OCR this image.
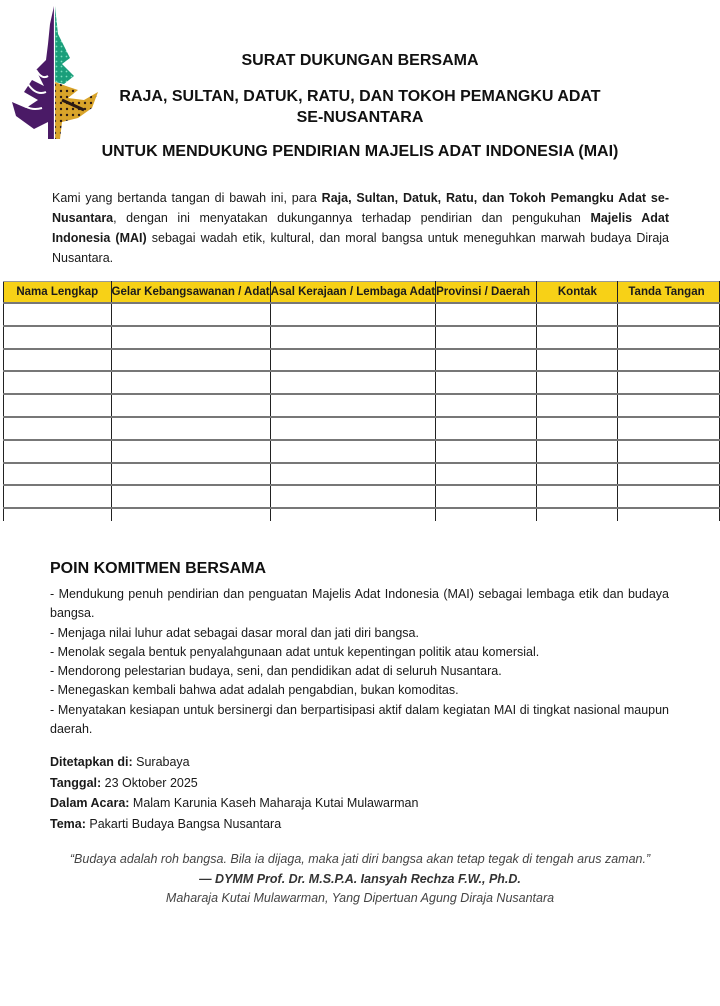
SURAT DUKUNGAN BERSAMA
RAJA, SULTAN, DATUK, RATU, DAN TOKOH PEMANGKU ADAT
SE-NUSANTARA
UNTUK MENDUKUNG PENDIRIAN MAJELIS ADAT INDONESIA (MAI)
Kami yang bertanda tangan di bawah ini, para Raja, Sultan, Datuk, Ratu, dan Tokoh Pemangku Adat se-Nusantara, dengan ini menyatakan dukungannya terhadap pendirian dan pengukuhan Majelis Adat Indonesia (MAI) sebagai wadah etik, kultural, dan moral bangsa untuk meneguhkan marwah budaya Diraja Nusantara.
Nama Lengkap	Gelar Kebangsawanan / Adat	Asal Kerajaan / Lembaga Adat	Provinsi / Daerah	Kontak	Tanda Tangan

POIN KOMITMEN BERSAMA
- Mendukung penuh pendirian dan penguatan Majelis Adat Indonesia (MAI) sebagai lembaga etik dan budaya bangsa.
- Menjaga nilai luhur adat sebagai dasar moral dan jati diri bangsa.
- Menolak segala bentuk penyalahgunaan adat untuk kepentingan politik atau komersial.
- Mendorong pelestarian budaya, seni, dan pendidikan adat di seluruh Nusantara.
- Menegaskan kembali bahwa adat adalah pengabdian, bukan komoditas.
- Menyatakan kesiapan untuk bersinergi dan berpartisipasi aktif dalam kegiatan MAI di tingkat nasional maupun daerah.
Ditetapkan di: Surabaya
Tanggal: 23 Oktober 2025
Dalam Acara: Malam Karunia Kaseh Maharaja Kutai Mulawarman
Tema: Pakarti Budaya Bangsa Nusantara
“Budaya adalah roh bangsa. Bila ia dijaga, maka jati diri bangsa akan tetap tegak di tengah arus zaman.”
— DYMM Prof. Dr. M.S.P.A. Iansyah Rechza F.W., Ph.D.
Maharaja Kutai Mulawarman, Yang Dipertuan Agung Diraja Nusantara
